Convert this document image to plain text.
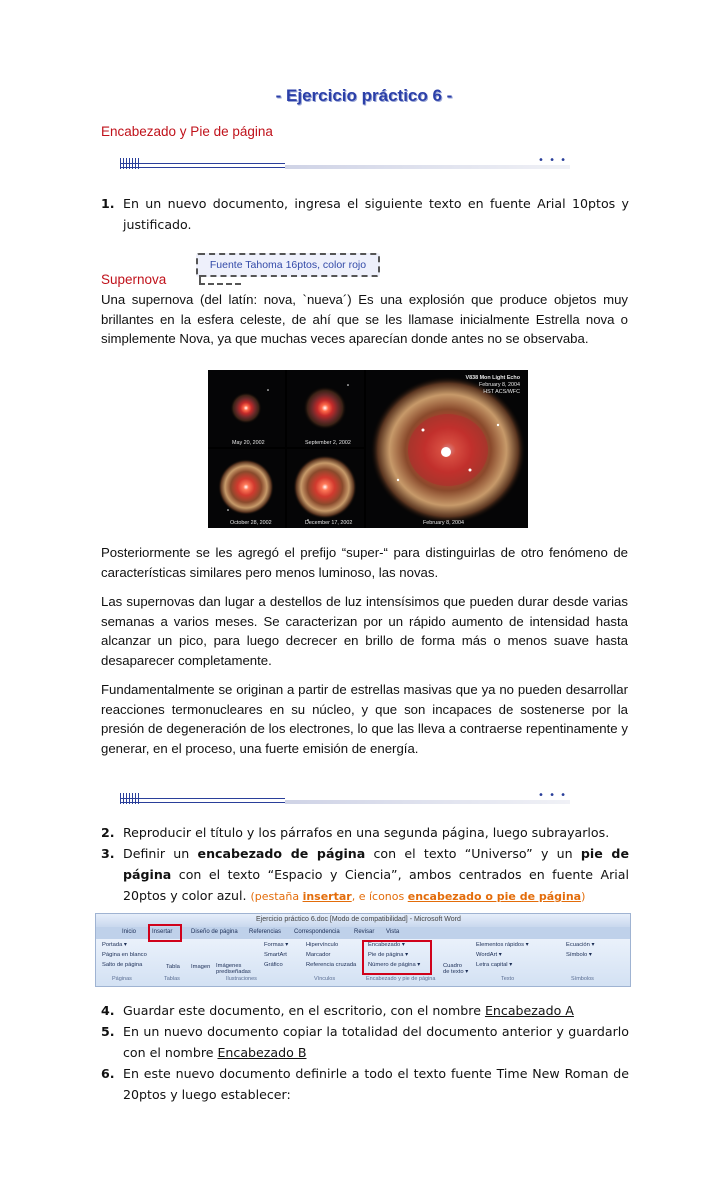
- Ejercicio práctico 6 -
Encabezado y Pie de página
• • •
1. En un nuevo documento, ingresa el siguiente texto en fuente Arial 10ptos y justificado.
Fuente Tahoma 16ptos, color rojo
Supernova

Una supernova (del latín: nova, `nueva´) Es una explosión que produce objetos muy brillantes en la esfera celeste, de ahí que se les llamase inicialmente Estrella nova o simplemente Nova, ya que muchas veces aparecían donde antes no se observaba.

V838 Mon Light Echo
February 8, 2004
HST ACS/WFC
May 20, 2002	September 2, 2002
October 28, 2002	December 17, 2002	February 8, 2004

Posteriormente se les agregó el prefijo “super-“ para distinguirlas de otro fenómeno de características similares pero menos luminoso, las novas.

Las supernovas dan lugar a destellos de luz intensísimos que pueden durar desde varias semanas a varios meses. Se caracterizan por un rápido aumento de intensidad hasta alcanzar un pico, para luego decrecer en brillo de forma más o menos suave hasta desaparecer completamente.

Fundamentalmente se originan a partir de estrellas masivas que ya no pueden desarrollar reacciones termonucleares en su núcleo, y que son incapaces de sostenerse por la presión de degeneración de los electrones, lo que las lleva a contraerse repentinamente y generar, en el proceso, una fuerte emisión de energía.

• • •
2. Reproducir el título y los párrafos en una segunda página, luego subrayarlos.
3. Definir un encabezado de página con el texto “Universo” y un pie de página con el texto “Espacio y Ciencia”, ambos centrados en fuente Arial 20ptos y color azul. (pestaña insertar, e íconos encabezado o pie de página)
Ejercicio práctico 6.doc [Modo de compatibilidad] - Microsoft Word
Inicio	Insertar	Diseño de página Referencias Correspondencia Revisar Vista
Portada ▾
Página en blanco
Salto de página	Tabla Imagen Imágenes prediseñadas
Formas ▾
SmartArt
Gráfico
Hipervínculo
Marcador
Referencia cruzada
Encabezado ▾
Pie de página ▾
Número de página ▾	Cuadro de texto ▾
Elementos rápidos ▾
WordArt ▾
Letra capital ▾
Ecuación ▾
Símbolo ▾
Páginas	Tablas	Ilustraciones	Vínculos	Encabezado y pie de página	Texto	Símbolos
4. Guardar este documento, en el escritorio, con el nombre Encabezado A
5. En un nuevo documento copiar la totalidad del documento anterior y guardarlo con el nombre Encabezado B
6. En este nuevo documento definirle a todo el texto fuente Time New Roman de 20ptos y luego establecer:
